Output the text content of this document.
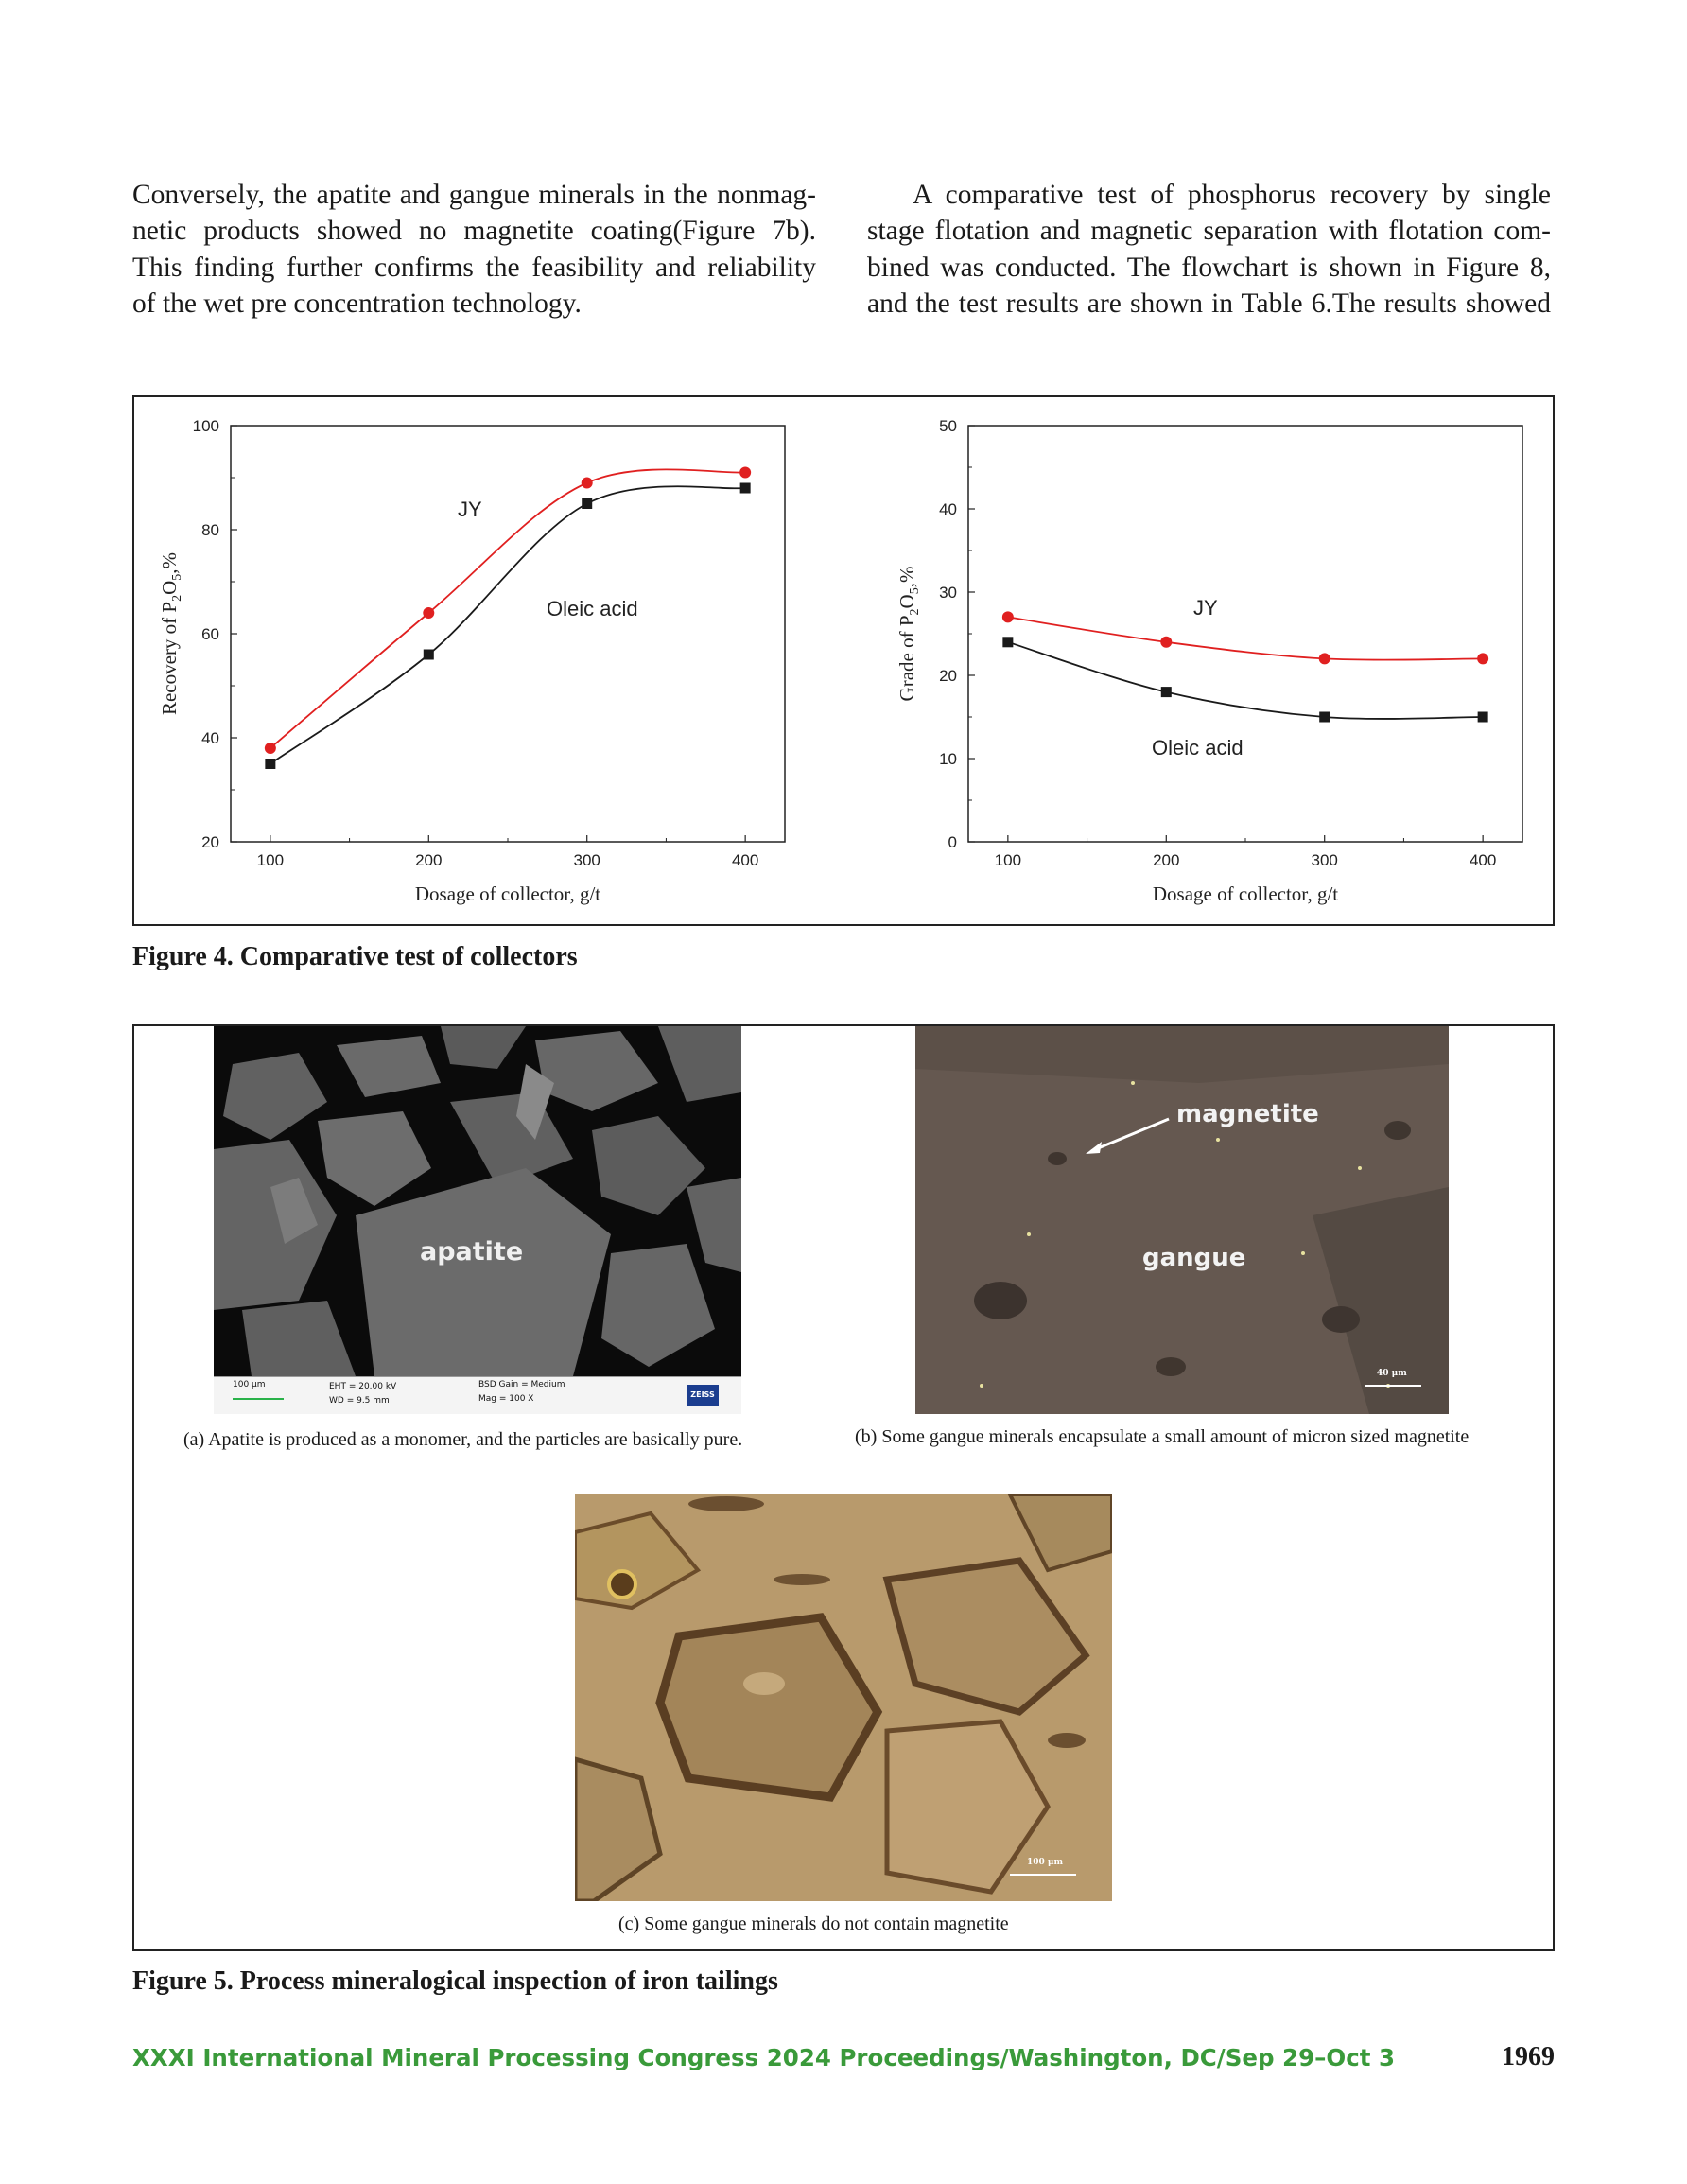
Conversely, the apatite and gangue minerals in the nonmag-
netic products showed no magnetite coating(Figure 7b).
This finding further confirms the feasibility and reliability
of the wet pre concentration technology.
A comparative test of phosphorus recovery by single
stage flotation and magnetic separation with flotation com-
bined was conducted. The flowchart is shown in Figure 8,
and the test results are shown in Table 6.The results showed
100	200	300	400
20
40
60
80
100
Dosage of collector, g/t
Recovery of $P_2O_5,\%$
JY
Oleic acid
100	200	300	400
0
10
20
30
40
50
Dosage of collector, g/t
Grade of $P_2O_5,\%$
JY
Oleic acid
Figure 4. Comparative test of collectors
apatite
100 μm	EHT = 20.00 kV
WD = 9.5 mm
BSD Gain = Medium
Mag = 100 X	ZEISS
magnetite
gangue
40 μm
(a) Apatite is produced as a monomer, and the particles are basically pure.	(b) Some gangue minerals encapsulate a small amount of micron sized magnetite
100 μm
(c) Some gangue minerals do not contain magnetite
Figure 5. Process mineralogical inspection of iron tailings
XXXI International Mineral Processing Congress 2024 Proceedings/Washington, DC/Sep 29–Oct 3	1969
